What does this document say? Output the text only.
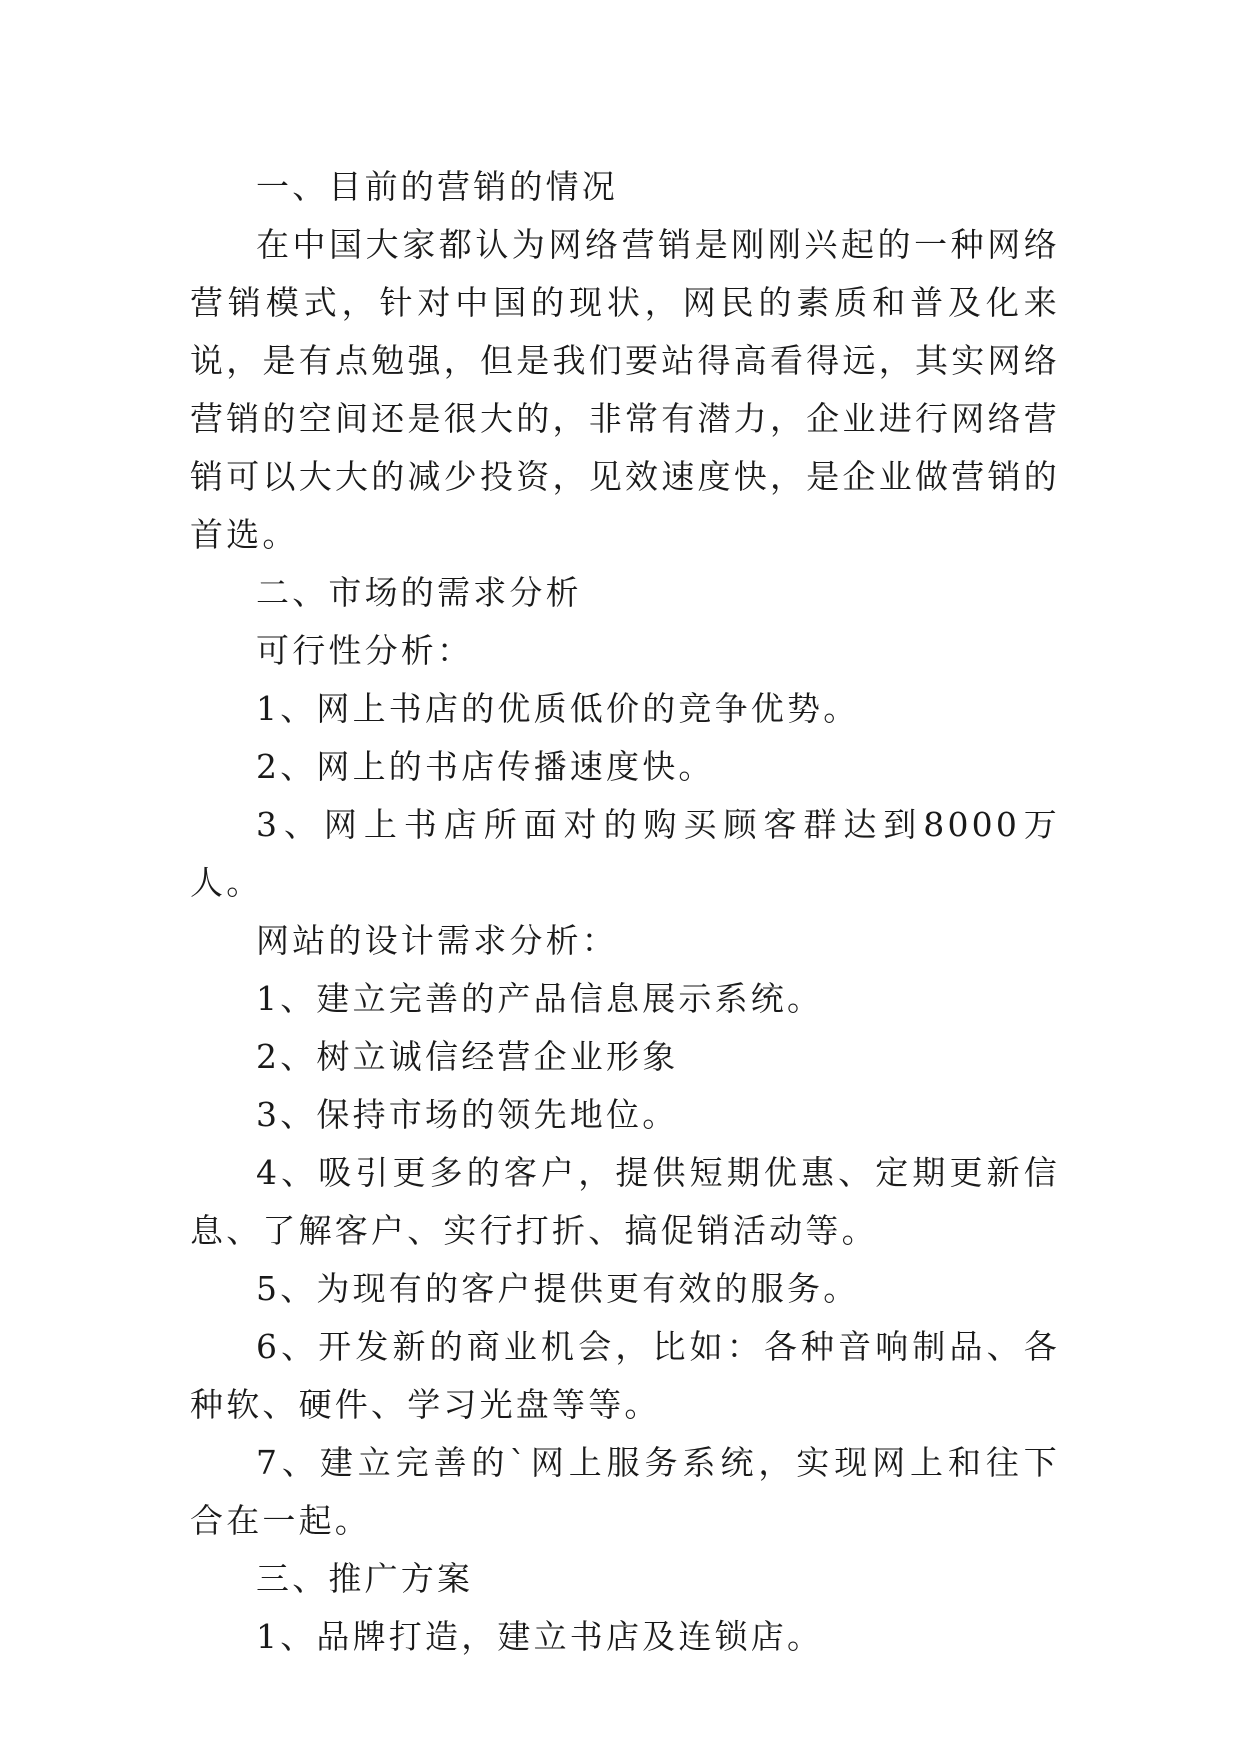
一、目前的营销的情况

在中国大家都认为网络营销是刚刚兴起的一种网络营销模式，针对中国的现状，网民的素质和普及化来说，是有点勉强，但是我们要站得高看得远，其实网络营销的空间还是很大的，非常有潜力，企业进行网络营销可以大大的减少投资，见效速度快，是企业做营销的首选。

二、市场的需求分析

可行性分析：

1、网上书店的优质低价的竞争优势。

2、网上的书店传播速度快。

3、网上书店所面对的购买顾客群达到8000万人。

网站的设计需求分析：

1、建立完善的产品信息展示系统。

2、树立诚信经营企业形象

3、保持市场的领先地位。

4、吸引更多的客户，提供短期优惠、定期更新信息、了解客户、实行打折、搞促销活动等。

5、为现有的客户提供更有效的服务。

6、开发新的商业机会，比如：各种音响制品、各种软、硬件、学习光盘等等。

7、建立完善的`网上服务系统，实现网上和往下合在一起。

三、推广方案

1、品牌打造，建立书店及连锁店。
